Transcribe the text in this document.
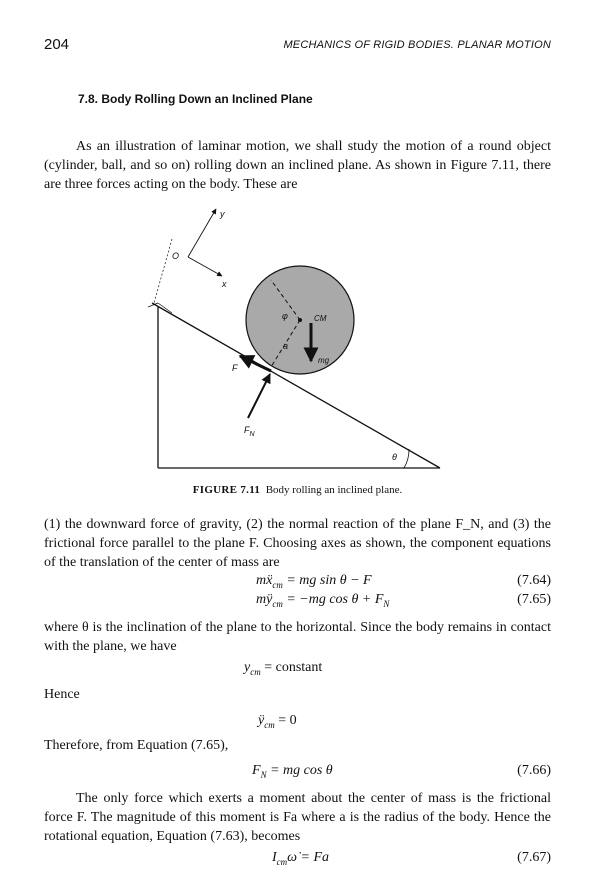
204	MECHANICS OF RIGID BODIES. PLANAR MOTION
7.8. Body Rolling Down an Inclined Plane

As an illustration of laminar motion, we shall study the motion of a round object (cylinder, ball, and so on) rolling down an inclined plane. As shown in Figure 7.11, there are three forces acting on the body. These are

θ
y
O
x
CM
φ
a
mg
F
$F_N$
FIGURE 7.11 Body rolling an inclined plane.

(1) the downward force of gravity, (2) the normal reaction of the plane F_N, and (3) the frictional force parallel to the plane F. Choosing axes as shown, the component equations of the translation of the center of mass are

mẍ$_{cm}$ = mg sin θ − F	(7.64)
$mÿ_{cm} = -mg$ $\cos \theta + F_N$	(7.65)

where θ is the inclination of the plane to the horizontal. Since the body remains in contact with the plane, we have

$y_{cm}$ = constant

Hence

$ÿ_{cm} = 0$

Therefore, from Equation (7.65),

$F_N$ = mg cos θ	(7.66)

The only force which exerts a moment about the center of mass is the frictional force F. The magnitude of this moment is Fa where a is the radius of the body. Hence the rotational equation, Equation (7.63), becomes

$I_{cm}\omegȧ = Fa$	(7.67)
